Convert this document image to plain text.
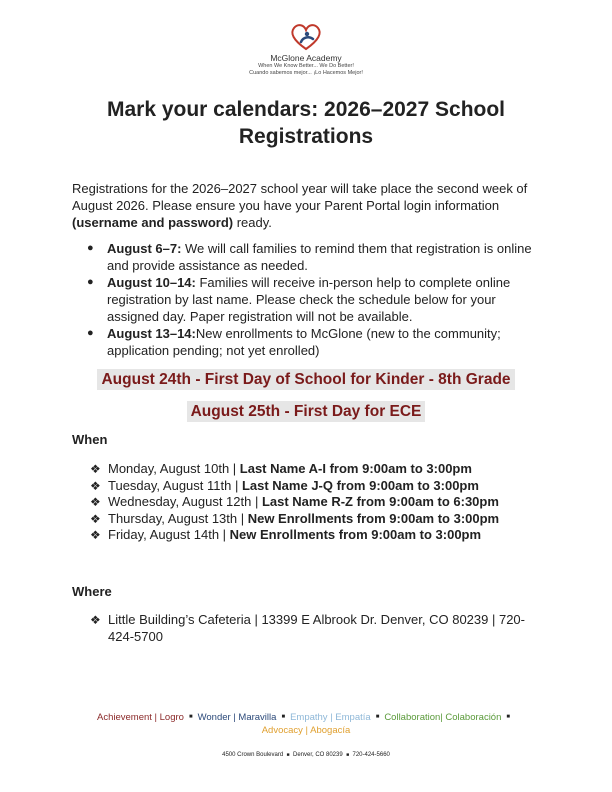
McGlone Academy
When We Know Better... We Do Better!
Cuando sabemos mejor... ¡Lo Hacemos Mejor!
Mark your calendars: 2026–2027 School Registrations

Registrations for the 2026–2027 school year will take place the second week of August 2026. Please ensure you have your Parent Portal login information (username and password) ready.

● August 6–7: We will call families to remind them that registration is online and provide assistance as needed.
● August 10–14: Families will receive in-person help to complete online registration by last name. Please check the schedule below for your assigned day. Paper registration will not be available.
● August 13–14:New enrollments to McGlone (new to the community; application pending; not yet enrolled)
August 24th - First Day of School for Kinder - 8th Grade
August 25th - First Day for ECE
When
❖ Monday, August 10th | Last Name A-I from 9:00am to 3:00pm
❖ Tuesday, August 11th | Last Name J-Q from 9:00am to 3:00pm
❖ Wednesday, August 12th | Last Name R-Z from 9:00am to 6:30pm
❖ Thursday, August 13th | New Enrollments from 9:00am to 3:00pm
❖ Friday, August 14th | New Enrollments from 9:00am to 3:00pm
Where
❖ Little Building’s Cafeteria | 13399 E Albrook Dr. Denver, CO 80239 | 720-424-5700
Achievement | Logro ■ Wonder | Maravilla ■ Empathy | Empatía ■ Collaboration| Colaboración ■
Advocacy | Abogacía
4500 Crown Boulevard ■ Denver, CO 80239 ■ 720-424-5660
